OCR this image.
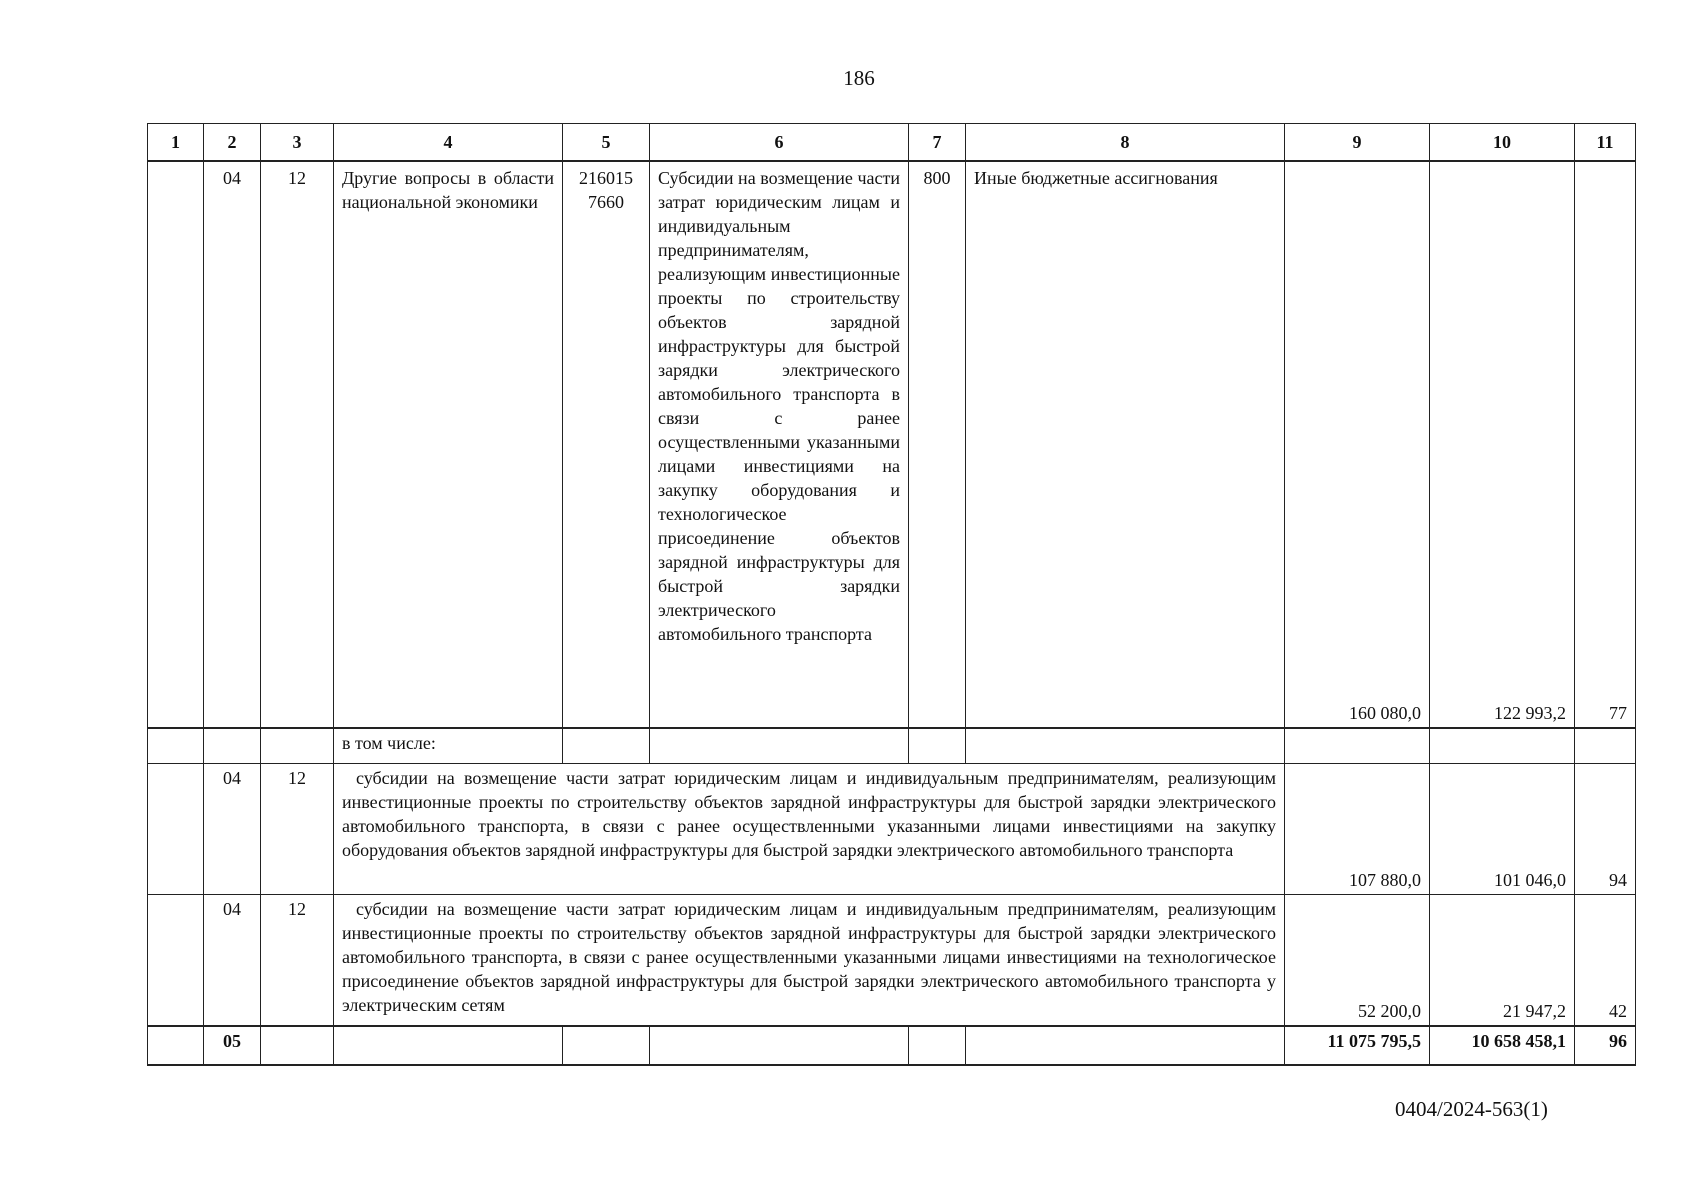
186
1	2	3	4	5	6	7	8	9	10	11
	04	12	Другие вопросы в области национальной экономики	216015 7660	Субсидии на возмещение части затрат юридическим лицам и индивидуальным предпринимателям, реализующим инвестиционные проекты по строительству объектов зарядной инфраструктуры для быстрой зарядки электрического автомобильного транспорта в связи с ранее осуществленными указанными лицами инвестициями на закупку оборудования и технологическое присоединение объектов зарядной инфраструктуры для быстрой зарядки электрического автомобильного транспорта	800	Иные бюджетные ассигнования	160 080,0	122 993,2	77
			в том числе:							
	04	12	субсидии на возмещение части затрат юридическим лицам и индивидуальным предпринимателям, реализующим инвестиционные проекты по строительству объектов зарядной инфраструктуры для быстрой зарядки электрического автомобильного транспорта, в связи с ранее осуществленными указанными лицами инвестициями на закупку оборудования объектов зарядной инфраструктуры для быстрой зарядки электрического автомобильного транспорта					107 880,0	101 046,0	94
	04	12	субсидии на возмещение части затрат юридическим лицам и индивидуальным предпринимателям, реализующим инвестиционные проекты по строительству объектов зарядной инфраструктуры для быстрой зарядки электрического автомобильного транспорта, в связи с ранее осуществленными указанными лицами инвестициями на технологическое присоединение объектов зарядной инфраструктуры для быстрой зарядки электрического автомобильного транспорта у электрическим сетям					52 200,0	21 947,2	42
	05							11 075 795,5	10 658 458,1	96
0404/2024-563(1)
